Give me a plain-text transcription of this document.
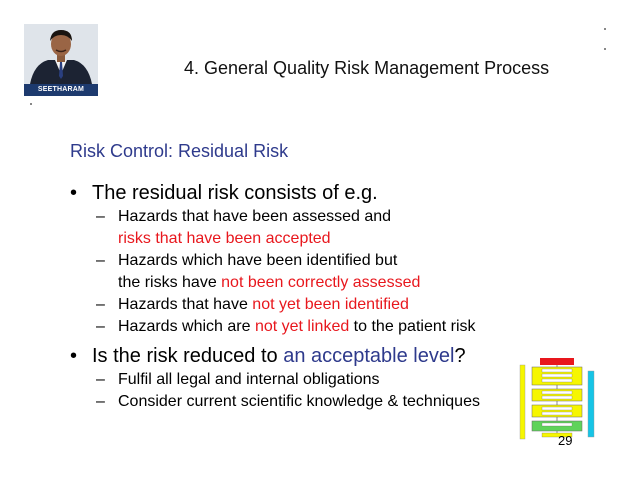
SEETHARAM KANDARPA
4. General Quality Risk Management Process
Risk Control: Residual Risk
• The residual risk consists of e.g.
– Hazards that have been assessed and
risks that have been accepted
– Hazards which have been identified but
the risks have not been correctly assessed
– Hazards that have not yet been identified
– Hazards which are not yet linked to the patient risk
• Is the risk reduced to an acceptable level?
– Fulfil all legal and internal obligations
– Consider current scientific knowledge & techniques
29
